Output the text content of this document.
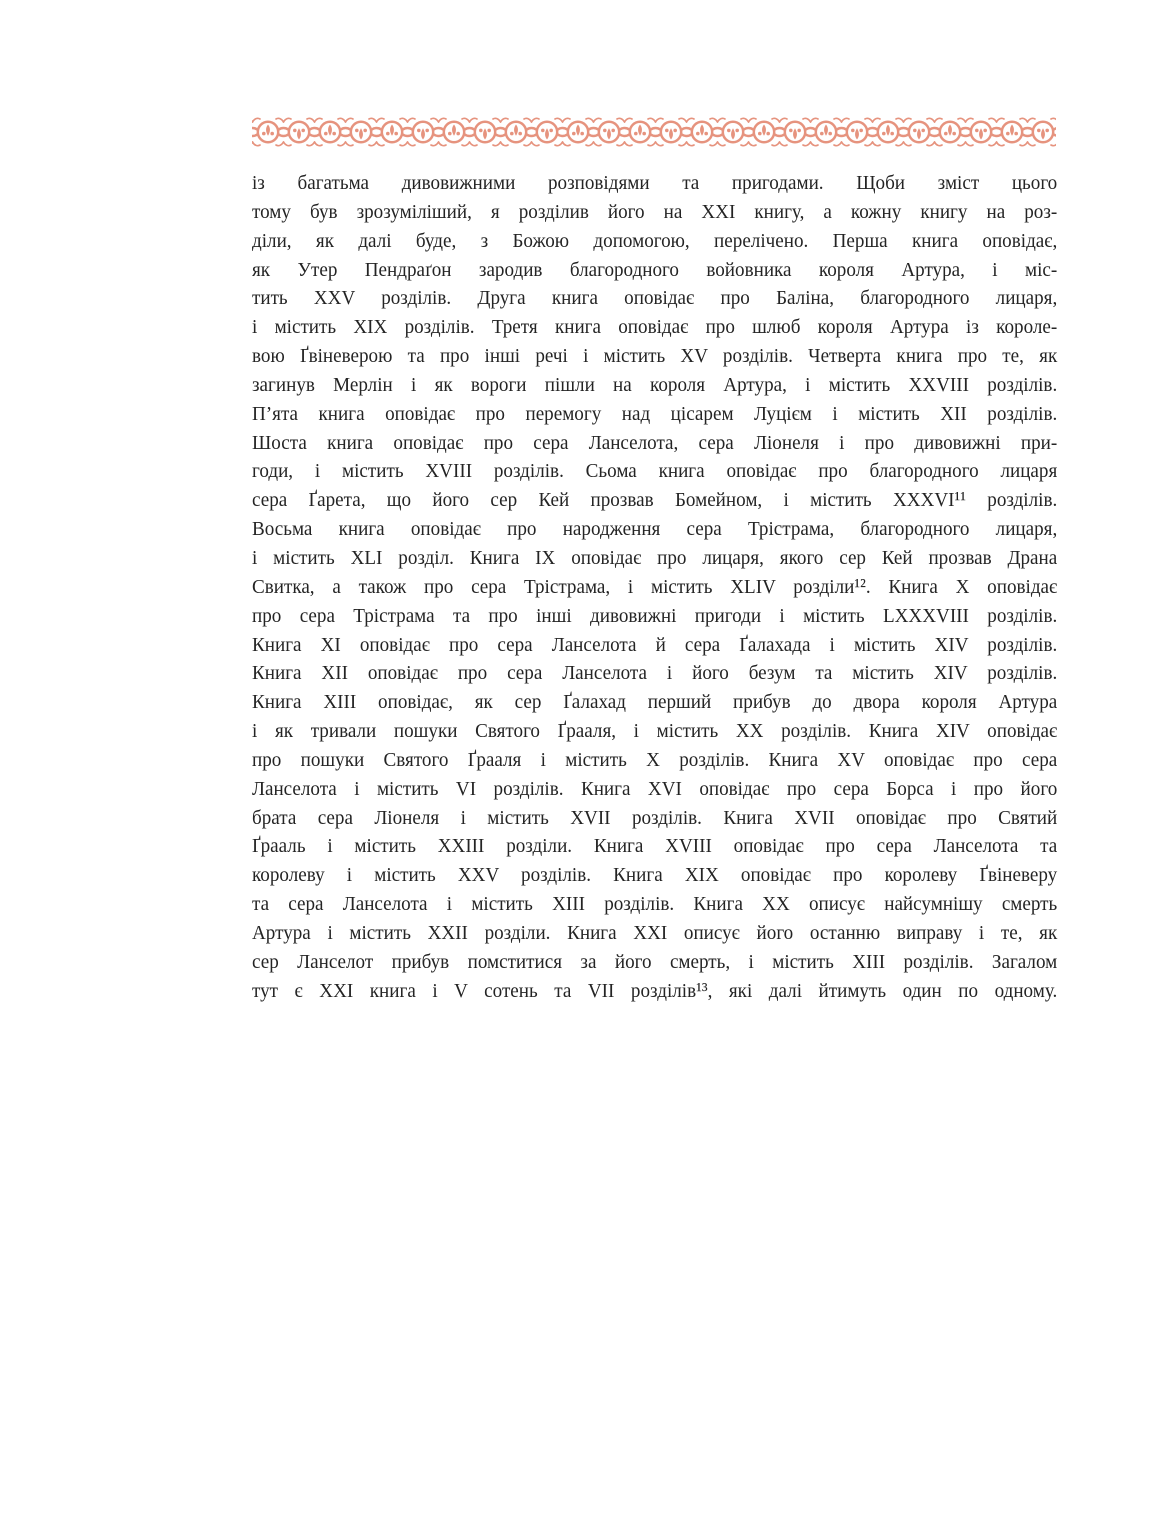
із багатьма дивовижними розповідями та пригодами. Щоби зміст цього
тому був зрозуміліший, я розділив його на XXI книгу, а кожну книгу на роз-
діли, як далі буде, з Божою допомогою, перелічено. Перша книга оповідає,
як Утер Пендраґон зародив благородного войовника короля Артура, і міс-
тить XXV розділів. Друга книга оповідає про Баліна, благородного лицаря,
і містить XIX розділів. Третя книга оповідає про шлюб короля Артура із короле-
вою Ґвіневерою та про інші речі і містить XV розділів. Четверта книга про те, як
загинув Мерлін і як вороги пішли на короля Артура, і містить XXVIII розділів.
П’ята книга оповідає про перемогу над цісарем Луцієм і містить XII розділів.
Шоста книга оповідає про сера Ланселота, сера Ліонеля і про дивовижні при-
годи, і містить XVIII розділів. Сьома книга оповідає про благородного лицаря
сера Ґарета, що його сер Кей прозвав Бомейном, і містить XXXVI¹¹ розділів.
Восьма книга оповідає про народження сера Трістрама, благородного лицаря,
і містить XLI розділ. Книга IX оповідає про лицаря, якого сер Кей прозвав Драна
Свитка, а також про сера Трістрама, і містить XLIV розділи¹². Книга X оповідає
про сера Трістрама та про інші дивовижні пригоди і містить LXXXVIII розділів.
Книга XI оповідає про сера Ланселота й сера Ґалахада і містить XIV розділів.
Книга XII оповідає про сера Ланселота і його безум та містить XIV розділів.
Книга XIII оповідає, як сер Ґалахад перший прибув до двора короля Артура
і як тривали пошуки Святого Ґрааля, і містить XX розділів. Книга XIV оповідає
про пошуки Святого Ґрааля і містить X розділів. Книга XV оповідає про сера
Ланселота і містить VI розділів. Книга XVI оповідає про сера Борса і про його
брата сера Ліонеля і містить XVII розділів. Книга XVII оповідає про Святий
Ґрааль і містить XXIII розділи. Книга XVIII оповідає про сера Ланселота та
королеву і містить XXV розділів. Книга XIX оповідає про королеву Ґвіневеру
та сера Ланселота і містить XIII розділів. Книга XX описує найсумнішу смерть
Артура і містить XXII розділи. Книга XXI описує його останню виправу і те, як
сер Ланселот прибув помститися за його смерть, і містить XIII розділів. Загалом
тут є XXI книга і V сотень та VII розділів¹³, які далі йтимуть один по одному.
